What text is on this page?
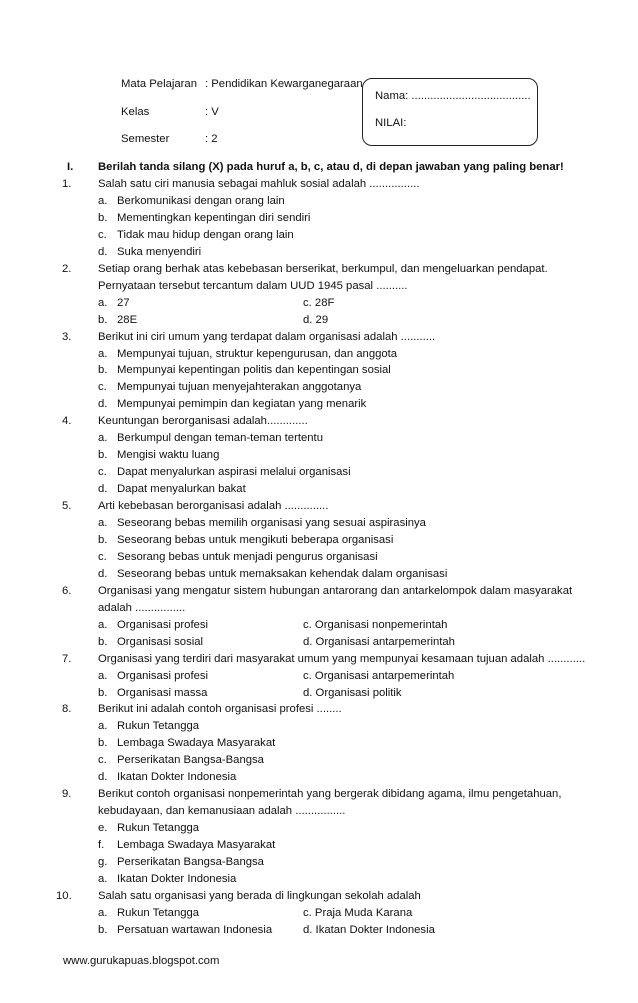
Mata Pelajaran : Pendidikan Kewarganegaraan
Kelas	: V
Semester	: 2
Nama: ......................................
NILAI:
I. Berilah tanda silang (X) pada huruf a, b, c, atau d, di depan jawaban yang paling benar!
1. Salah satu ciri manusia sebagai mahluk sosial adalah ................
a. Berkomunikasi dengan orang lain
b. Mementingkan kepentingan diri sendiri
c. Tidak mau hidup dengan orang lain
d. Suka menyendiri
2. Setiap orang berhak atas kebebasan berserikat, berkumpul, dan mengeluarkan pendapat.
Pernyataan tersebut tercantum dalam UUD 1945 pasal ..........
a. 27	c. 28F
b. 28E	d. 29
3. Berikut ini ciri umum yang terdapat dalam organisasi adalah ...........
a. Mempunyai tujuan, struktur kepengurusan, dan anggota
b. Mempunyai kepentingan politis dan kepentingan sosial
c. Mempunyai tujuan menyejahterakan anggotanya
d. Mempunyai pemimpin dan kegiatan yang menarik
4. Keuntungan berorganisasi adalah.............
a. Berkumpul dengan teman-teman tertentu
b. Mengisi waktu luang
c. Dapat menyalurkan aspirasi melalui organisasi
d. Dapat menyalurkan bakat
5. Arti kebebasan berorganisasi adalah ..............
a. Seseorang bebas memilih organisasi yang sesuai aspirasinya
b. Seseorang bebas untuk mengikuti beberapa organisasi
c. Sesorang bebas untuk menjadi pengurus organisasi
d. Seseorang bebas untuk memaksakan kehendak dalam organisasi
6. Organisasi yang mengatur sistem hubungan antarorang dan antarkelompok dalam masyarakat
adalah ................
a. Organisasi profesi	c. Organisasi nonpemerintah
b. Organisasi sosial	d. Organisasi antarpemerintah
7. Organisasi yang terdiri dari masyarakat umum yang mempunyai kesamaan tujuan adalah ............
a. Organisasi profesi	c. Organisasi antarpemerintah
b. Organisasi massa	d. Organisasi politik
8. Berikut ini adalah contoh organisasi profesi ........
a. Rukun Tetangga
b. Lembaga Swadaya Masyarakat
c. Perserikatan Bangsa-Bangsa
d. Ikatan Dokter Indonesia
9. Berikut contoh organisasi nonpemerintah yang bergerak dibidang agama, ilmu pengetahuan,
kebudayaan, dan kemanusiaan adalah ................
e. Rukun Tetangga
f. Lembaga Swadaya Masyarakat
g. Perserikatan Bangsa-Bangsa
a. Ikatan Dokter Indonesia
10. Salah satu organisasi yang berada di lingkungan sekolah adalah
a. Rukun Tetangga	c. Praja Muda Karana
b. Persatuan wartawan Indonesia	d. Ikatan Dokter Indonesia
www.gurukapuas.blogspot.com
